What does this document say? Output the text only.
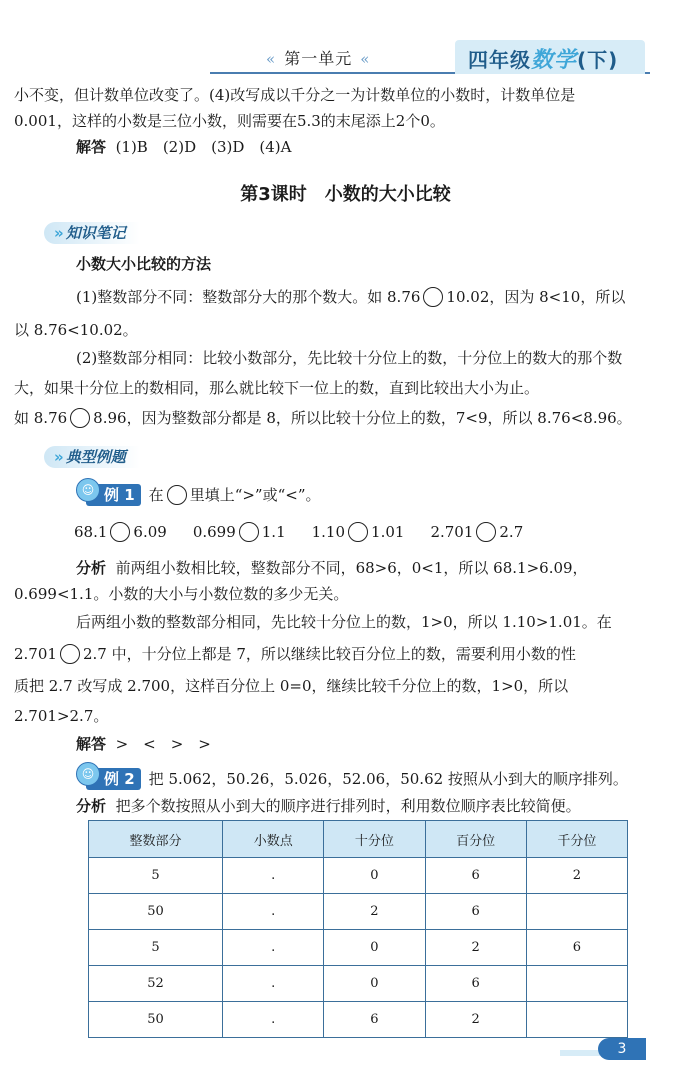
« 第一单元 «	四年级数学(下)
小不变，但计数单位改变了。(4)改写成以千分之一为计数单位的小数时，计数单位是
0.001，这样的小数是三位小数，则需要在5.3的末尾添上2个0。
解答 (1)B　(2)D　(3)D　(4)A
第3课时　小数的大小比较
» 知识笔记
小数大小比较的方法
(1)整数部分不同：整数部分大的那个数大。如 8.76 10.02，因为 8<10，所以
以 8.76<10.02。
(2)整数部分相同：比较小数部分，先比较十分位上的数，十分位上的数大的那个数
大，如果十分位上的数相同，那么就比较下一位上的数，直到比较出大小为止。
如 8.76 8.96，因为整数部分都是 8，所以比较十分位上的数，7<9，所以 8.76<8.96。
» 典型例题
☺ 例 1 在 里填上“>”或“<”。
68.1 6.09 0.699 1.1 1.10 1.01 2.701 2.7
分析 前两组小数相比较，整数部分不同，68>6，0<1，所以 68.1>6.09，
0.699<1.1。小数的大小与小数位数的多少无关。
后两组小数的整数部分相同，先比较十分位上的数，1>0，所以 1.10>1.01。在
2.701 2.7 中，十分位上都是 7，所以继续比较百分位上的数，需要利用小数的性
质把 2.7 改写成 2.700，这样百分位上 0=0，继续比较千分位上的数，1>0，所以
2.701>2.7。
解答 >　<　>　>
☺ 例 2 把 5.062，50.26，5.026，52.06，50.62 按照从小到大的顺序排列。
分析 把多个数按照从小到大的顺序进行排列时，利用数位顺序表比较简便。
整数部分	小数点	十分位	百分位	千分位
5	.	0	6	2
50	.	2	6	
5	.	0	2	6
52	.	0	6	
50	.	6	2	
3
